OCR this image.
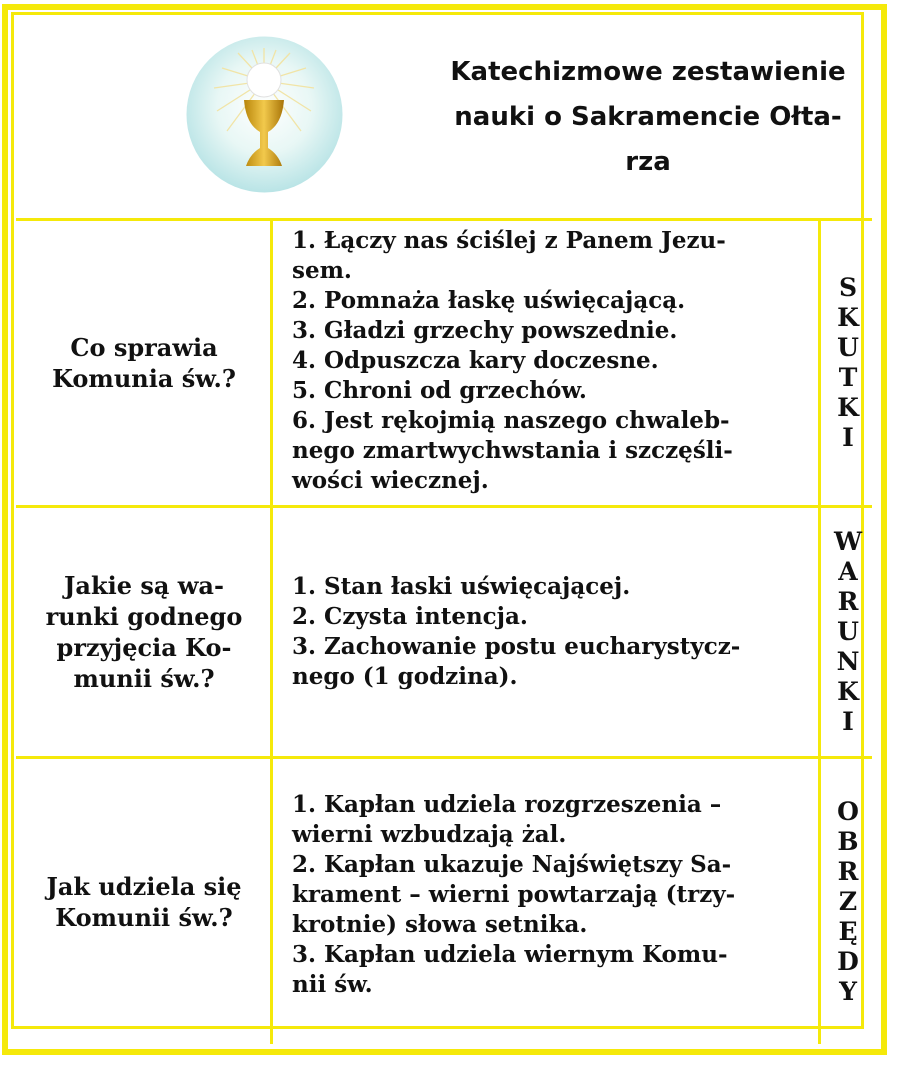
Katechizmowe zestawienie
nauki o Sakramencie Ołta-
rza
Co sprawia
Komunia św.?
1. Łączy nas ściślej z Panem Jezu-
sem.
2. Pomnaża łaskę uświęcającą.
3. Gładzi grzechy powszednie.
4. Odpuszcza kary doczesne.
5. Chroni od grzechów.
6. Jest rękojmią naszego chwaleb-
nego zmartwychwstania i szczęśli-
wości wiecznej.
S
K
U
T
K
I
Jakie są wa-
runki godnego
przyjęcia Ko-
munii św.?
1. Stan łaski uświęcającej.
2. Czysta intencja.
3. Zachowanie postu eucharystycz-
nego (1 godzina).
W
A
R
U
N
K
I
Jak udziela się
Komunii św.?
1. Kapłan udziela rozgrzeszenia –
wierni wzbudzają żal.
2. Kapłan ukazuje Najświętszy Sa-
krament – wierni powtarzają (trzy-
krotnie) słowa setnika.
3. Kapłan udziela wiernym Komu-
nii św.
O
B
R
Z
Ę
D
Y
